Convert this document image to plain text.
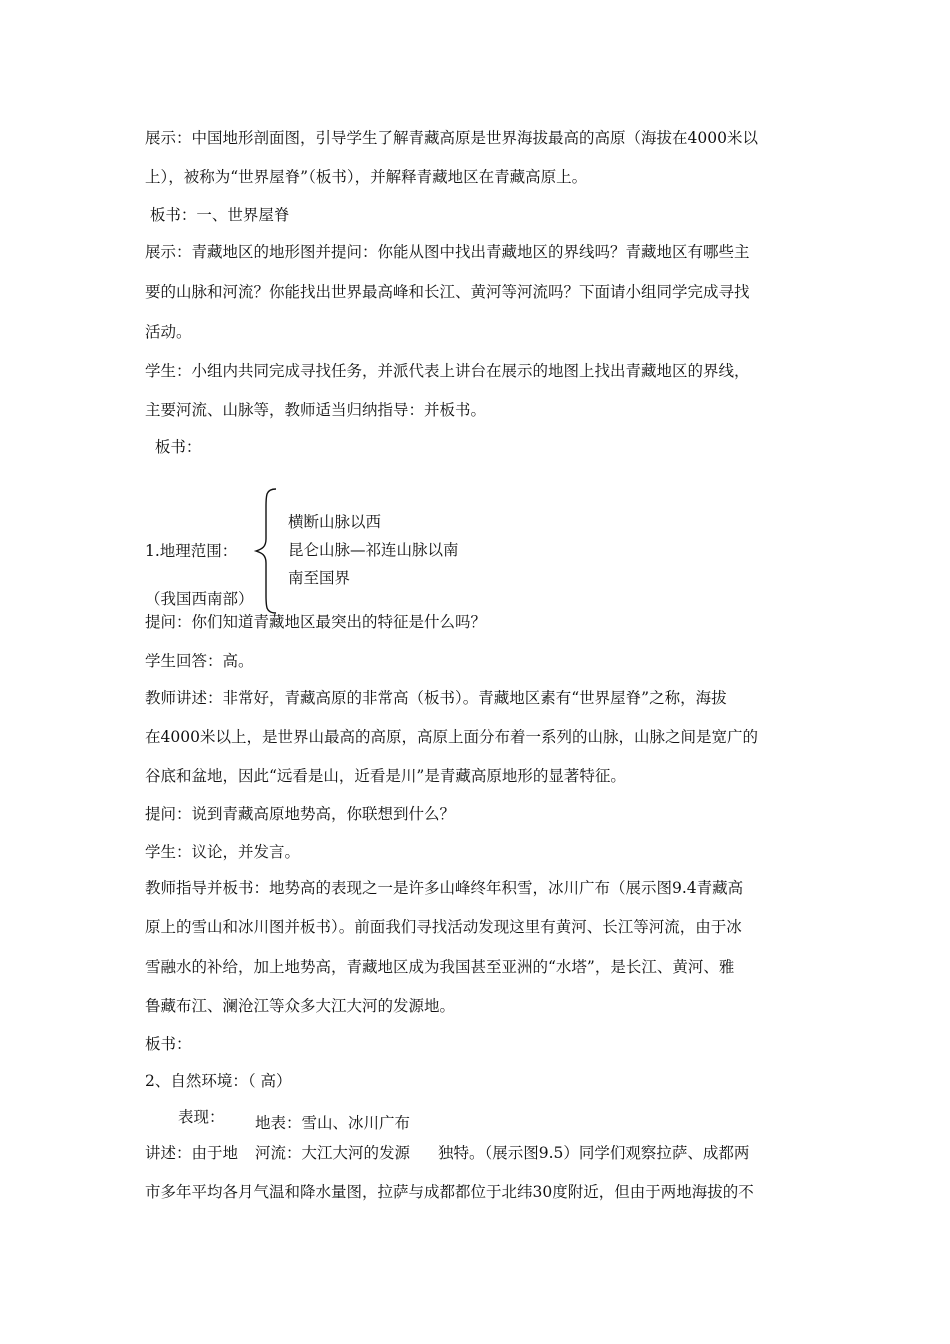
展示：中国地形剖面图，引导学生了解青藏高原是世界海拔最高的高原（海拔在4000米以
上），被称为“世界屋脊”（板书），并解释青藏地区在青藏高原上。
板书：一、世界屋脊
展示：青藏地区的地形图并提问：你能从图中找出青藏地区的界线吗？青藏地区有哪些主
要的山脉和河流？你能找出世界最高峰和长江、黄河等河流吗？下面请小组同学完成寻找
活动。
学生：小组内共同完成寻找任务，并派代表上讲台在展示的地图上找出青藏地区的界线，
主要河流、山脉等，教师适当归纳指导：并板书。
板书：
1.地理范围：
横断山脉以西
昆仑山脉—祁连山脉以南
南至国界
（我国西南部）
提问：你们知道青藏地区最突出的特征是什么吗？
学生回答：高。
教师讲述：非常好，青藏高原的非常高（板书）。青藏地区素有“世界屋脊”之称，海拔
在4000米以上，是世界山最高的高原，高原上面分布着一系列的山脉，山脉之间是宽广的
谷底和盆地，因此“远看是山，近看是川”是青藏高原地形的显著特征。
提问：说到青藏高原地势高，你联想到什么？
学生：议论，并发言。
教师指导并板书：地势高的表现之一是许多山峰终年积雪，冰川广布（展示图9.4青藏高
原上的雪山和冰川图并板书）。前面我们寻找活动发现这里有黄河、长江等河流，由于冰
雪融水的补给，加上地势高，青藏地区成为我国甚至亚洲的“水塔”，是长江、黄河、雅
鲁藏布江、澜沧江等众多大江大河的发源地。
板书：
2、自然环境：（ 高）
表现： 地表：雪山、冰川广布
讲述：由于地 河流：大江大河的发源 独特。（展示图9.5）同学们观察拉萨、成都两
市多年平均各月气温和降水量图，拉萨与成都都位于北纬30度附近，但由于两地海拔的不
